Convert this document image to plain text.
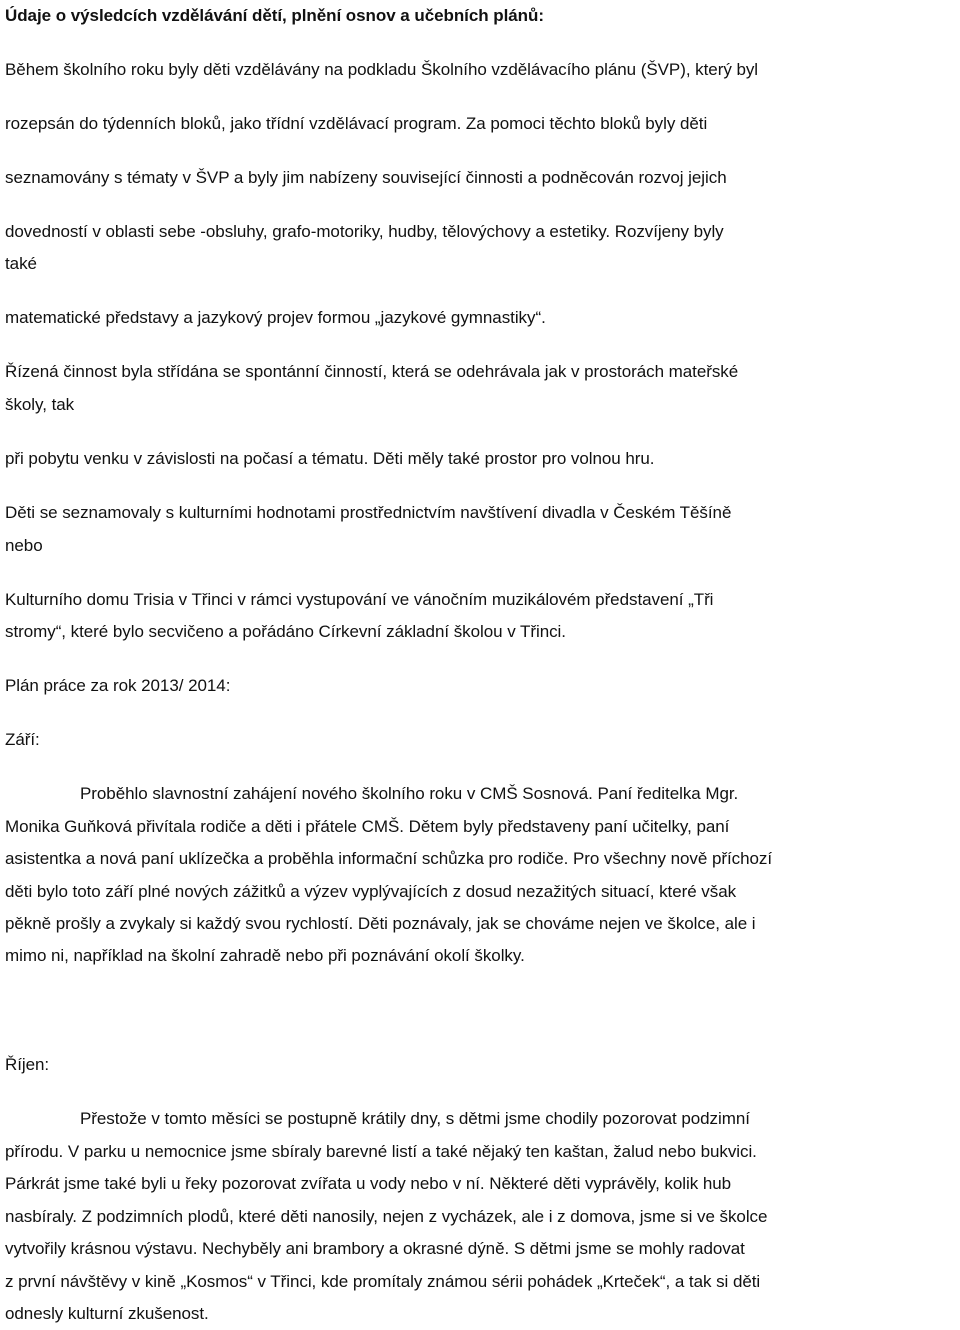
Údaje o výsledcích vzdělávání dětí, plnění osnov a učebních plánů:
Během školního roku byly děti vzdělávány na podkladu Školního vzdělávacího plánu (ŠVP), který byl
rozepsán do týdenních bloků, jako třídní vzdělávací program. Za pomoci těchto bloků byly děti
seznamovány s tématy v ŠVP a byly jim nabízeny související činnosti a podněcován rozvoj jejich
dovedností v oblasti sebe -obsluhy, grafo-motoriky, hudby, tělovýchovy a estetiky. Rozvíjeny byly
také
matematické představy a jazykový projev formou „jazykové gymnastiky“.
Řízená činnost byla střídána se spontánní činností, která se odehrávala jak v prostorách mateřské
školy, tak
při pobytu venku v závislosti na počasí a tématu. Děti měly také prostor pro volnou hru.
Děti se seznamovaly s kulturními hodnotami prostřednictvím navštívení divadla v Českém Těšíně
nebo
Kulturního domu Trisia v Třinci v rámci vystupování ve vánočním muzikálovém představení „Tři
stromy“, které bylo secvičeno a pořádáno Církevní základní školou v Třinci.
Plán práce za rok 2013/ 2014:
Září:
Proběhlo slavnostní zahájení nového školního roku v CMŠ Sosnová. Paní ředitelka Mgr.
Monika Guňková přivítala rodiče a děti i přátele CMŠ. Dětem byly představeny paní učitelky, paní
asistentka a nová paní uklízečka a proběhla informační schůzka pro rodiče. Pro všechny nově příchozí
děti bylo toto září plné nových zážitků a výzev vyplývajících z dosud nezažitých situací, které však
pěkně prošly a zvykaly si každý svou rychlostí. Děti poznávaly, jak se chováme nejen ve školce, ale i
mimo ni, například na školní zahradě nebo při poznávání okolí školky.
Říjen:
Přestože v tomto měsíci se postupně krátily dny, s dětmi jsme chodily pozorovat podzimní
přírodu. V parku u nemocnice jsme sbíraly barevné listí a také nějaký ten kaštan, žalud nebo bukvici.
Párkrát jsme také byli u řeky pozorovat zvířata u vody nebo v ní. Některé děti vyprávěly, kolik hub
nasbíraly. Z podzimních plodů, které děti nanosily, nejen z vycházek, ale i z domova, jsme si ve školce
vytvořily krásnou výstavu. Nechyběly ani brambory a okrasné dýně. S dětmi jsme se mohly radovat
z první návštěvy v kině „Kosmos“ v Třinci, kde promítaly známou sérii pohádek „Krteček“, a tak si děti
odnesly kulturní zkušenost.
